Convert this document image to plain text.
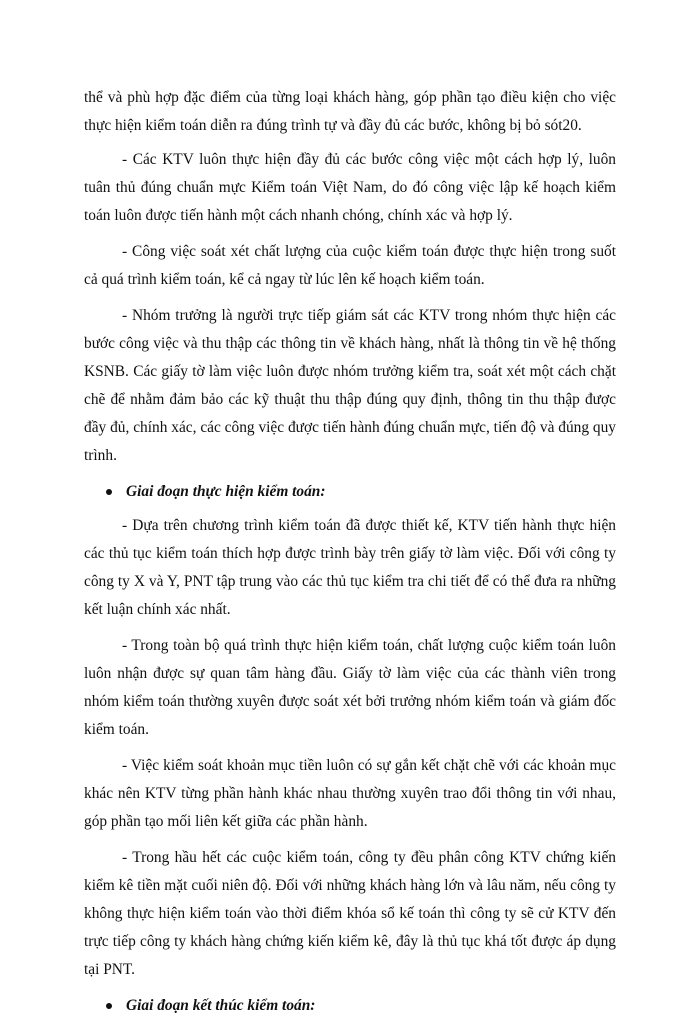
thể và phù hợp đặc điểm của từng loại khách hàng, góp phần tạo điều kiện cho việc thực hiện kiểm toán diễn ra đúng trình tự và đầy đủ các bước, không bị bỏ sót20.

- Các KTV luôn thực hiện đầy đủ các bước công việc một cách hợp lý, luôn tuân thủ đúng chuẩn mực Kiểm toán Việt Nam, do đó công việc lập kế hoạch kiểm toán luôn được tiến hành một cách nhanh chóng, chính xác và hợp lý.

- Công việc soát xét chất lượng của cuộc kiểm toán được thực hiện trong suốt cả quá trình kiểm toán, kể cả ngay từ lúc lên kế hoạch kiểm toán.

- Nhóm trưởng là người trực tiếp giám sát các KTV trong nhóm thực hiện các bước công việc và thu thập các thông tin về khách hàng, nhất là thông tin về hệ thống KSNB. Các giấy tờ làm việc luôn được nhóm trưởng kiểm tra, soát xét một cách chặt chẽ để nhằm đảm bảo các kỹ thuật thu thập đúng quy định, thông tin thu thập được đầy đủ, chính xác, các công việc được tiến hành đúng chuẩn mực, tiến độ và đúng quy trình.

Giai đoạn thực hiện kiểm toán:

- Dựa trên chương trình kiểm toán đã được thiết kế, KTV tiến hành thực hiện các thủ tục kiểm toán thích hợp được trình bày trên giấy tờ làm việc. Đối với công ty công ty X và Y, PNT tập trung vào các thủ tục kiểm tra chi tiết để có thể đưa ra những kết luận chính xác nhất.

- Trong toàn bộ quá trình thực hiện kiểm toán, chất lượng cuộc kiểm toán luôn luôn nhận được sự quan tâm hàng đầu. Giấy tờ làm việc của các thành viên trong nhóm kiểm toán thường xuyên được soát xét bởi trưởng nhóm kiểm toán và giám đốc kiểm toán.

- Việc kiểm soát khoản mục tiền luôn có sự gắn kết chặt chẽ với các khoản mục khác nên KTV từng phần hành khác nhau thường xuyên trao đổi thông tin với nhau, góp phần tạo mối liên kết giữa các phần hành.

- Trong hầu hết các cuộc kiểm toán, công ty đều phân công KTV chứng kiến kiểm kê tiền mặt cuối niên độ. Đối với những khách hàng lớn và lâu năm, nếu công ty không thực hiện kiểm toán vào thời điểm khóa sổ kế toán thì công ty sẽ cử KTV đến trực tiếp công ty khách hàng chứng kiến kiểm kê, đây là thủ tục khá tốt được áp dụng tại PNT.

Giai đoạn kết thúc kiểm toán:
